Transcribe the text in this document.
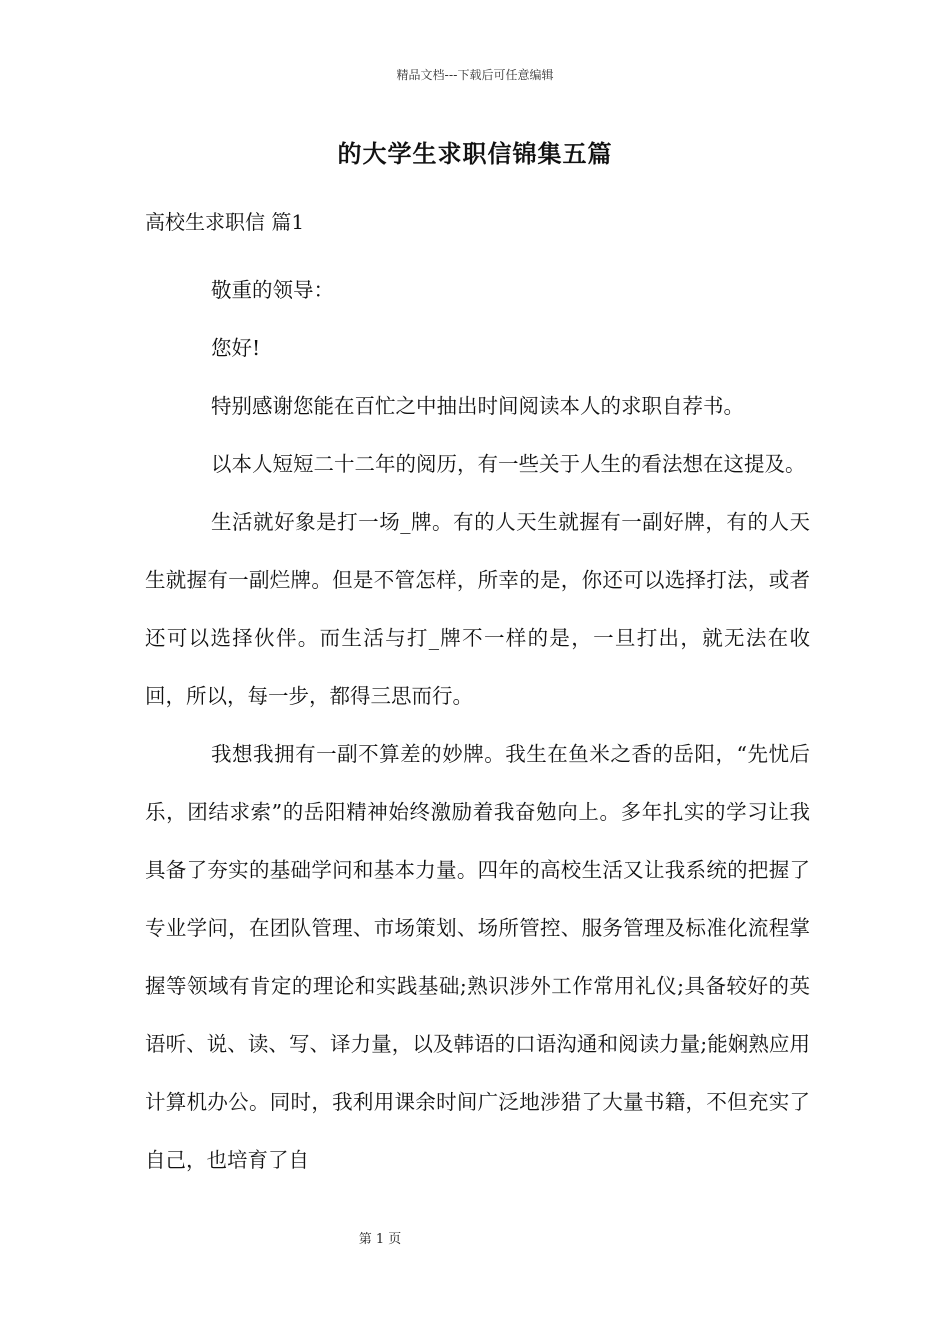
精品文档---下载后可任意编辑
的大学生求职信锦集五篇
高校生求职信 篇1

敬重的领导：

您好!

特别感谢您能在百忙之中抽出时间阅读本人的求职自荐书。

以本人短短二十二年的阅历，有一些关于人生的看法想在这提及。

生活就好象是打一场_牌。有的人天生就握有一副好牌，有的人天生就握有一副烂牌。但是不管怎样，所幸的是，你还可以选择打法，或者还可以选择伙伴。而生活与打_牌不一样的是，一旦打出，就无法在收回，所以，每一步，都得三思而行。

我想我拥有一副不算差的妙牌。我生在鱼米之香的岳阳，“先忧后乐，团结求索”的岳阳精神始终激励着我奋勉向上。多年扎实的学习让我具备了夯实的基础学问和基本力量。四年的高校生活又让我系统的把握了专业学问，在团队管理、市场策划、场所管控、服务管理及标准化流程掌握等领域有肯定的理论和实践基础;熟识涉外工作常用礼仪;具备较好的英语听、说、读、写、译力量，以及韩语的口语沟通和阅读力量;能娴熟应用计算机办公。同时，我利用课余时间广泛地涉猎了大量书籍，不但充实了自己，也培育了自

第 1 页
